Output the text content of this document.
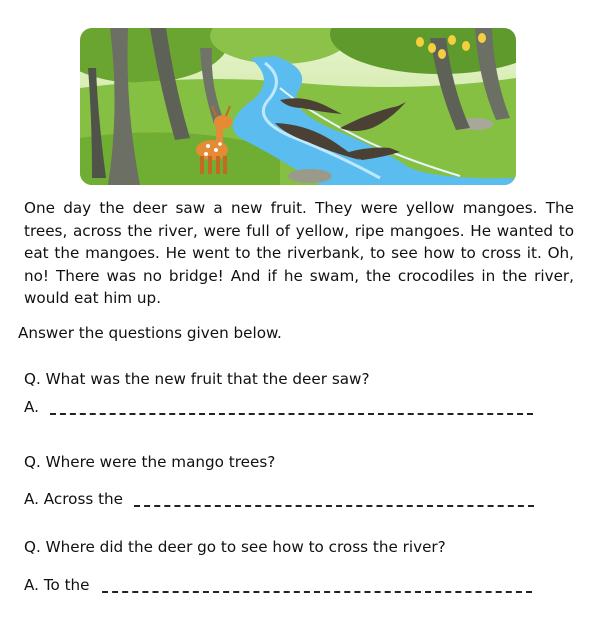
One day the deer saw a new fruit. They were yellow mangoes. The trees, across the river, were full of yellow, ripe mangoes. He wanted to eat the mangoes. He went to the riverbank, to see how to cross it. Oh, no! There was no bridge! And if he swam, the crocodiles in the river, would eat him up.

Answer the questions given below.

Q. What was the new fruit that the deer saw?
A.
Q. Where were the mango trees?
A. Across the
Q. Where did the deer go to see how to cross the river?
A. To the
